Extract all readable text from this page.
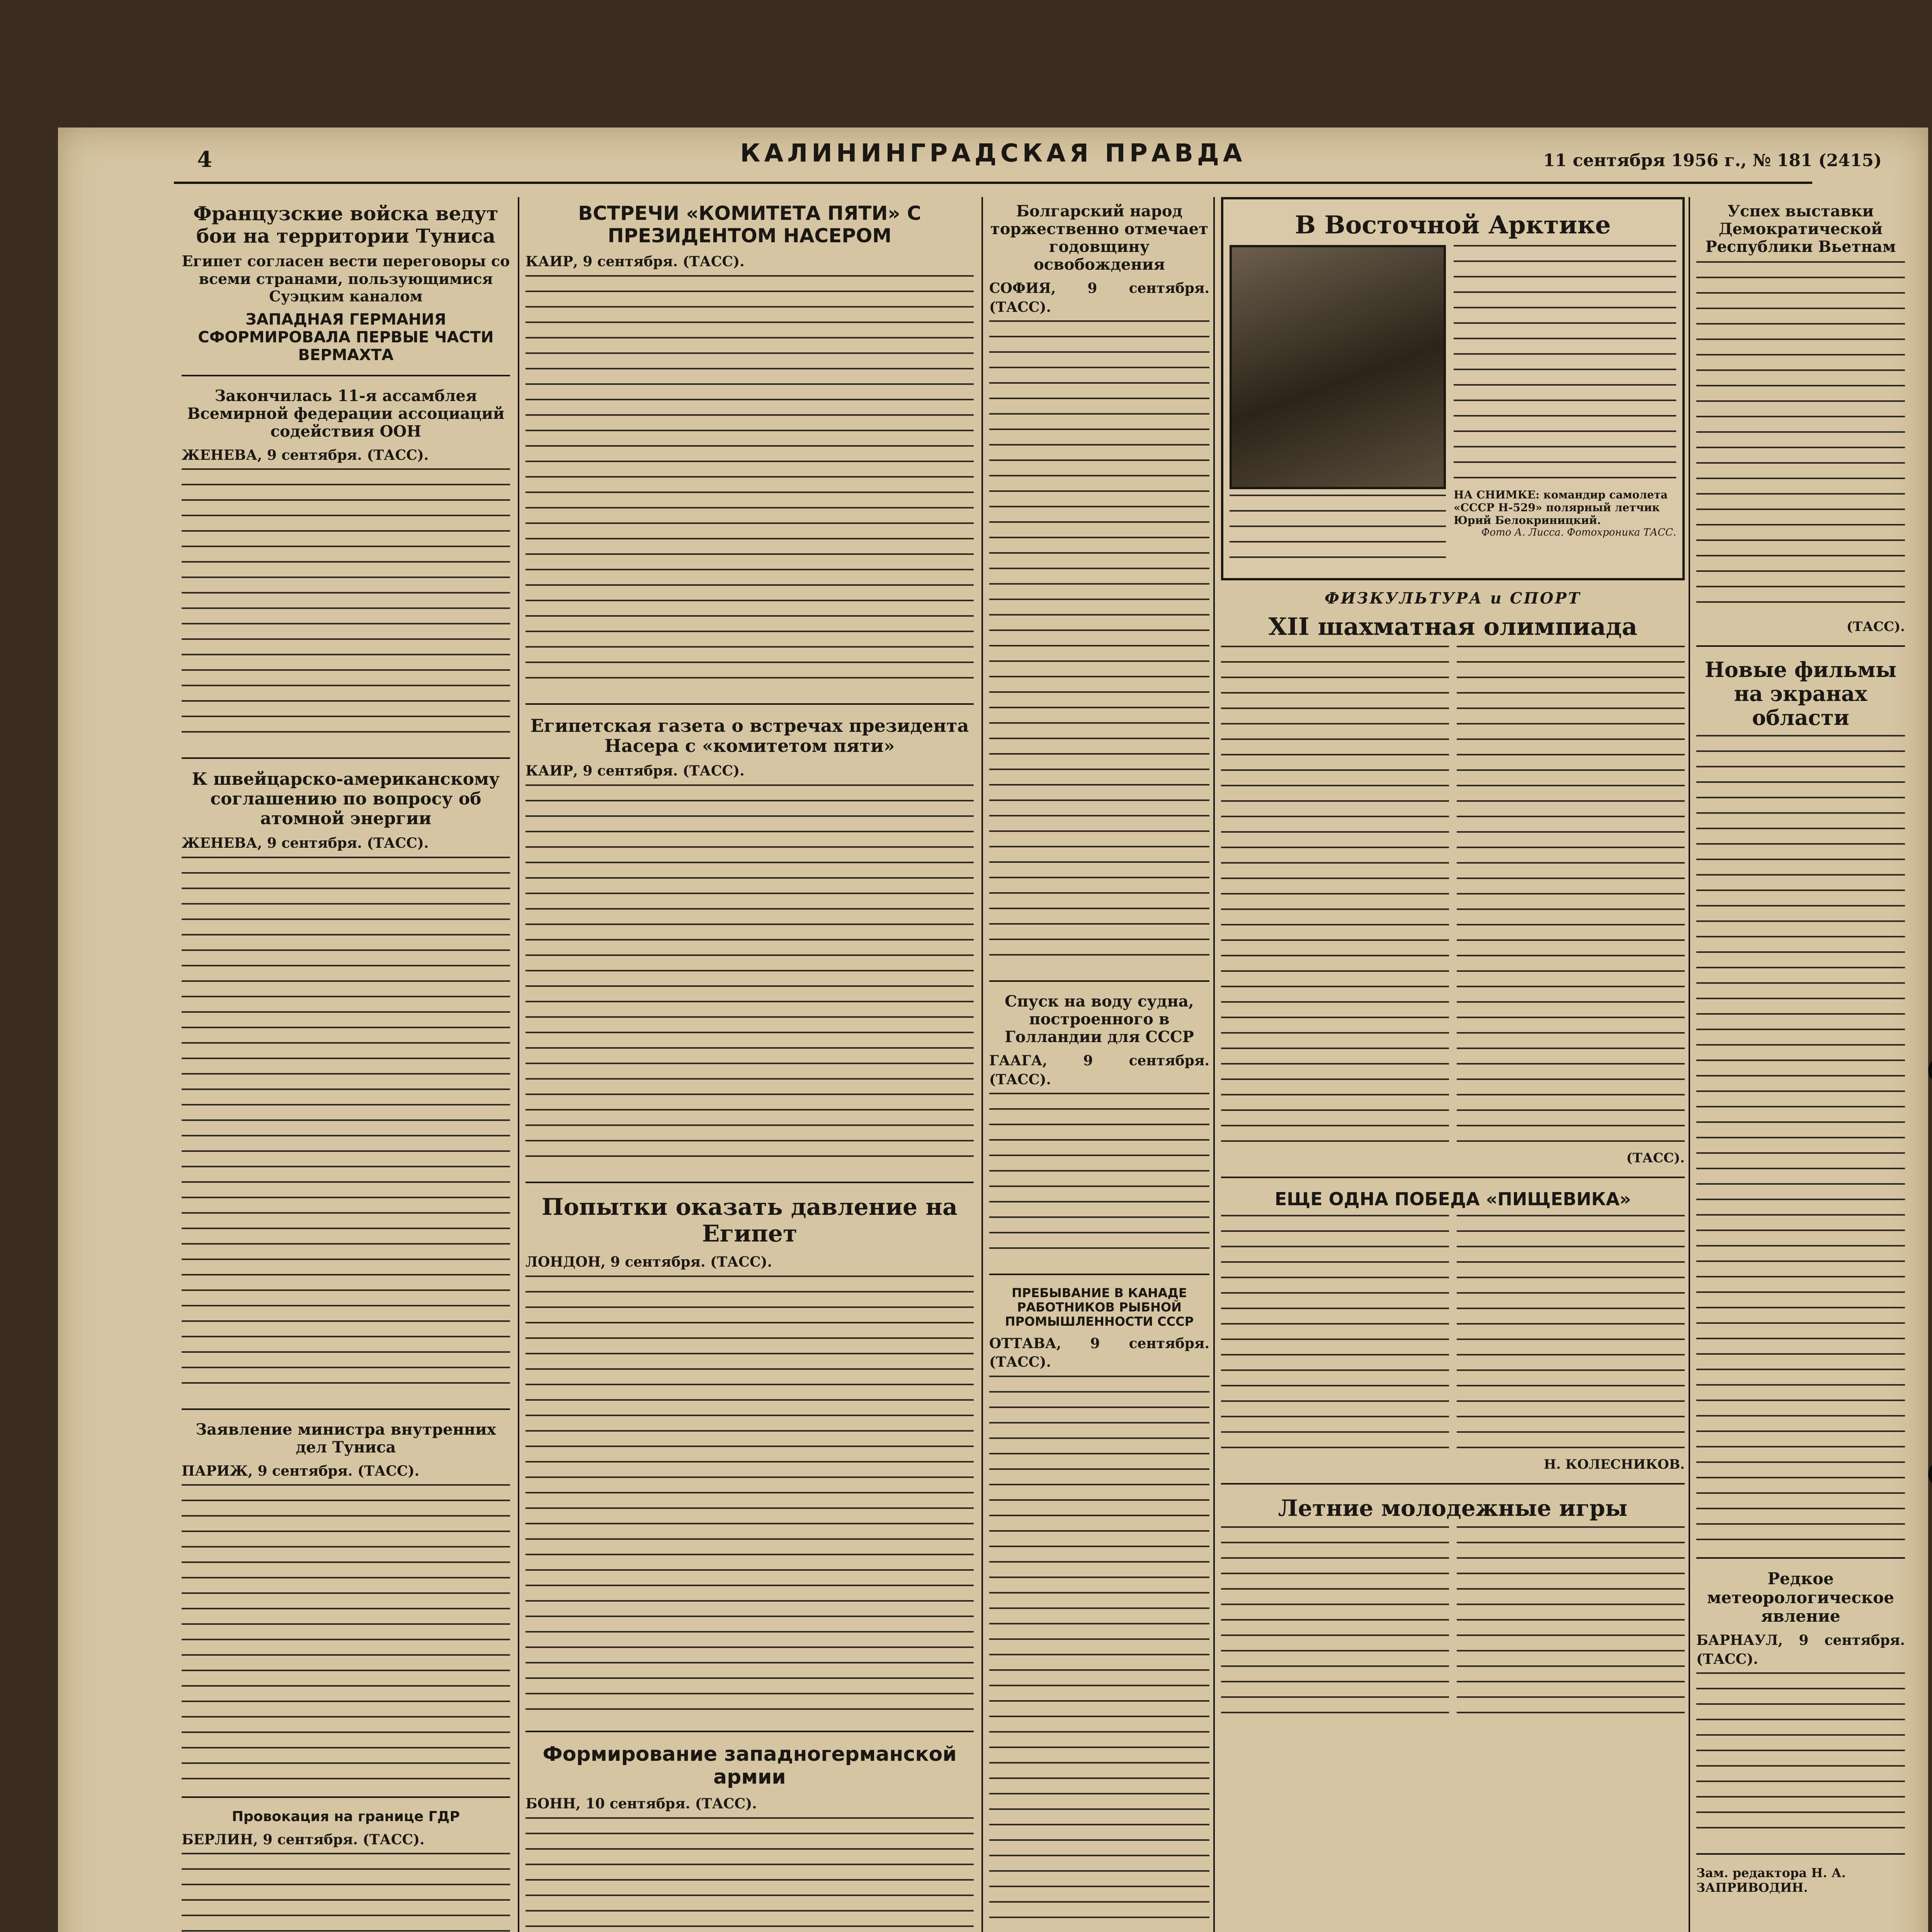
4	КАЛИНИНГРАДСКАЯ ПРАВДА	11 сентября 1956 г., № 181 (2415)
Французские войска ведут бои на территории Туниса
Египет согласен вести переговоры со всеми странами, пользующимися Суэцким каналом
ЗАПАДНАЯ ГЕРМАНИЯ СФОРМИРОВАЛА ПЕРВЫЕ ЧАСТИ ВЕРМАХТА
Закончилась 11-я ассамблея Всемирной федерации ассоциаций содействия ООН
ЖЕНЕВА, 9 сентября. (ТАСС).
К швейцарско-американскому соглашению по вопросу об атомной энергии
ЖЕНЕВА, 9 сентября. (ТАСС).
Заявление министра внутренних дел Туниса
ПАРИЖ, 9 сентября. (ТАСС).
Провокация на границе ГДР
БЕРЛИН, 9 сентября. (ТАСС).
ВСТРЕЧИ «КОМИТЕТА ПЯТИ» С ПРЕЗИДЕНТОМ НАСЕРОМ
КАИР, 9 сентября. (ТАСС).
Египетская газета о встречах президента Насера с «комитетом пяти»
КАИР, 9 сентября. (ТАСС).
Попытки оказать давление на Египет
ЛОНДОН, 9 сентября. (ТАСС).
Формирование западногерманской армии
БОНН, 10 сентября. (ТАСС).
Болгарский народ торжественно отмечает годовщину освобождения
СОФИЯ, 9 сентября. (ТАСС).
Спуск на воду судна, построенного в Голландии для СССР
ГААГА, 9 сентября. (ТАСС).
ПРЕБЫВАНИЕ В КАНАДЕ РАБОТНИКОВ РЫБНОЙ ПРОМЫШЛЕННОСТИ СССР
ОТТАВА, 9 сентября. (ТАСС).
В Восточной Арктике
НА СНИМКЕ: командир самолета «СССР Н-529» полярный летчик Юрий Белокриницкий.
Фото А. Лисса. Фотохроника ТАСС.
ФИЗКУЛЬТУРА и СПОРТ
XII шахматная олимпиада
(ТАСС).
ЕЩЕ ОДНА ПОБЕДА «ПИЩЕВИКА»
Н. КОЛЕСНИКОВ.
Летние молодежные игры
Успех выставки Демократической Республики Вьетнам
(ТАСС).
Новые фильмы на экранах области
Редкое метеорологическое явление
БАРНАУЛ, 9 сентября. (ТАСС).
Зам. редактора Н. А. ЗАПРИВОДИН.
